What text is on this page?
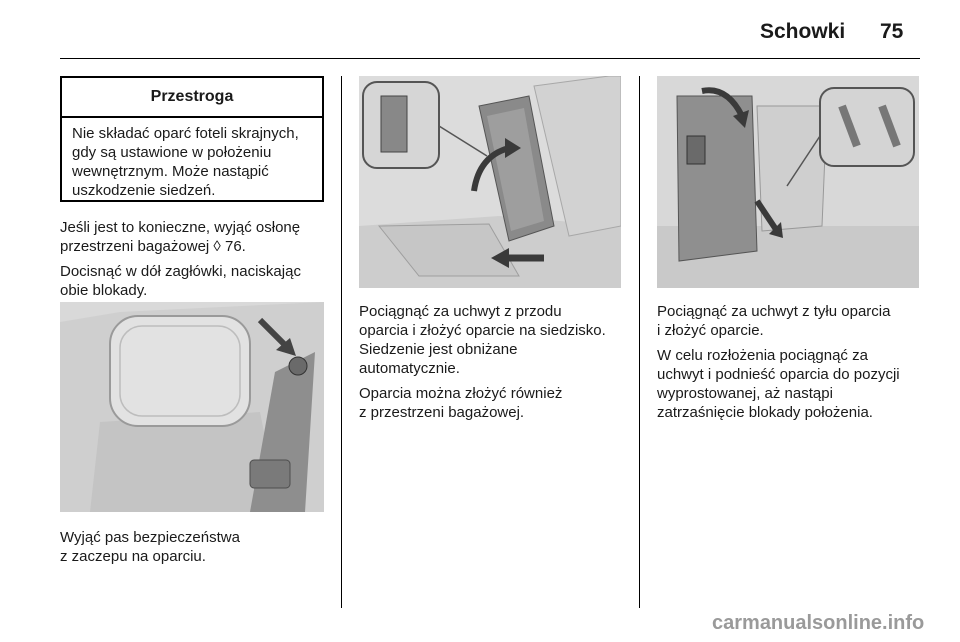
Schowki 75
Przestroga
Nie składać oparć foteli skrajnych,
gdy są ustawione w położeniu
wewnętrznym. Może nastąpić
uszkodzenie siedzeń.
Jeśli jest to konieczne, wyjąć osłonę
przestrzeni bagażowej ◊ 76.
Docisnąć w dół zagłówki, naciskając
obie blokady.
Wyjąć pas bezpieczeństwa
z zaczepu na oparciu.
Pociągnąć za uchwyt z przodu
oparcia i złożyć oparcie na siedzisko.
Siedzenie jest obniżane
automatycznie.
Oparcia można złożyć również
z przestrzeni bagażowej.
Pociągnąć za uchwyt z tyłu oparcia
i złożyć oparcie.
W celu rozłożenia pociągnąć za
uchwyt i podnieść oparcia do pozycji
wyprostowanej, aż nastąpi
zatrzaśnięcie blokady położenia.
carmanualsonline.info
